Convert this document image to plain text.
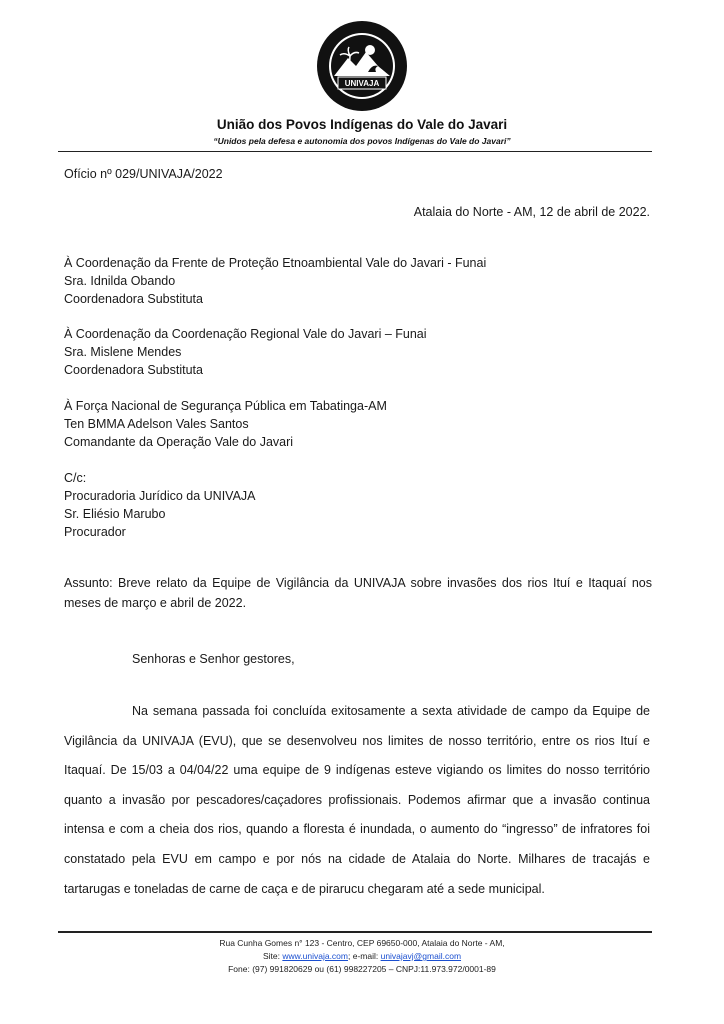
UNIVAJA
União dos Povos Indígenas do Vale do Javari
“Unidos pela defesa e autonomia dos povos Indígenas do Vale do Javari”
Ofício nº 029/UNIVAJA/2022
Atalaia do Norte - AM, 12 de abril de 2022.
À Coordenação da Frente de Proteção Etnoambiental Vale do Javari - Funai
Sra. Idnilda Obando
Coordenadora Substituta
À Coordenação da Coordenação Regional Vale do Javari – Funai
Sra. Mislene Mendes
Coordenadora Substituta
À Força Nacional de Segurança Pública em Tabatinga-AM
Ten BMMA Adelson Vales Santos
Comandante da Operação Vale do Javari
C/c:
Procuradoria Jurídico da UNIVAJA
Sr. Eliésio Marubo
Procurador
Assunto: Breve relato da Equipe de Vigilância da UNIVAJA sobre invasões dos rios Ituí e Itaquaí nos meses de março e abril de 2022.
Senhoras e Senhor gestores,
Na semana passada foi concluída exitosamente a sexta atividade de campo da Equipe de Vigilância da UNIVAJA (EVU), que se desenvolveu nos limites de nosso território, entre os rios Ituí e Itaquaí. De 15/03 a 04/04/22 uma equipe de 9 indígenas esteve vigiando os limites do nosso território quanto a invasão por pescadores/caçadores profissionais. Podemos afirmar que a invasão continua intensa e com a cheia dos rios, quando a floresta é inundada, o aumento do “ingresso” de infratores foi constatado pela EVU em campo e por nós na cidade de Atalaia do Norte. Milhares de tracajás e tartarugas e toneladas de carne de caça e de pirarucu chegaram até a sede municipal.
Rua Cunha Gomes n° 123 - Centro, CEP 69650-000, Atalaia do Norte - AM,
Site: www.univaja.com; e-mail: univajavj@gmail.com
Fone: (97) 991820629 ou (61) 998227205 – CNPJ:11.973.972/0001-89
